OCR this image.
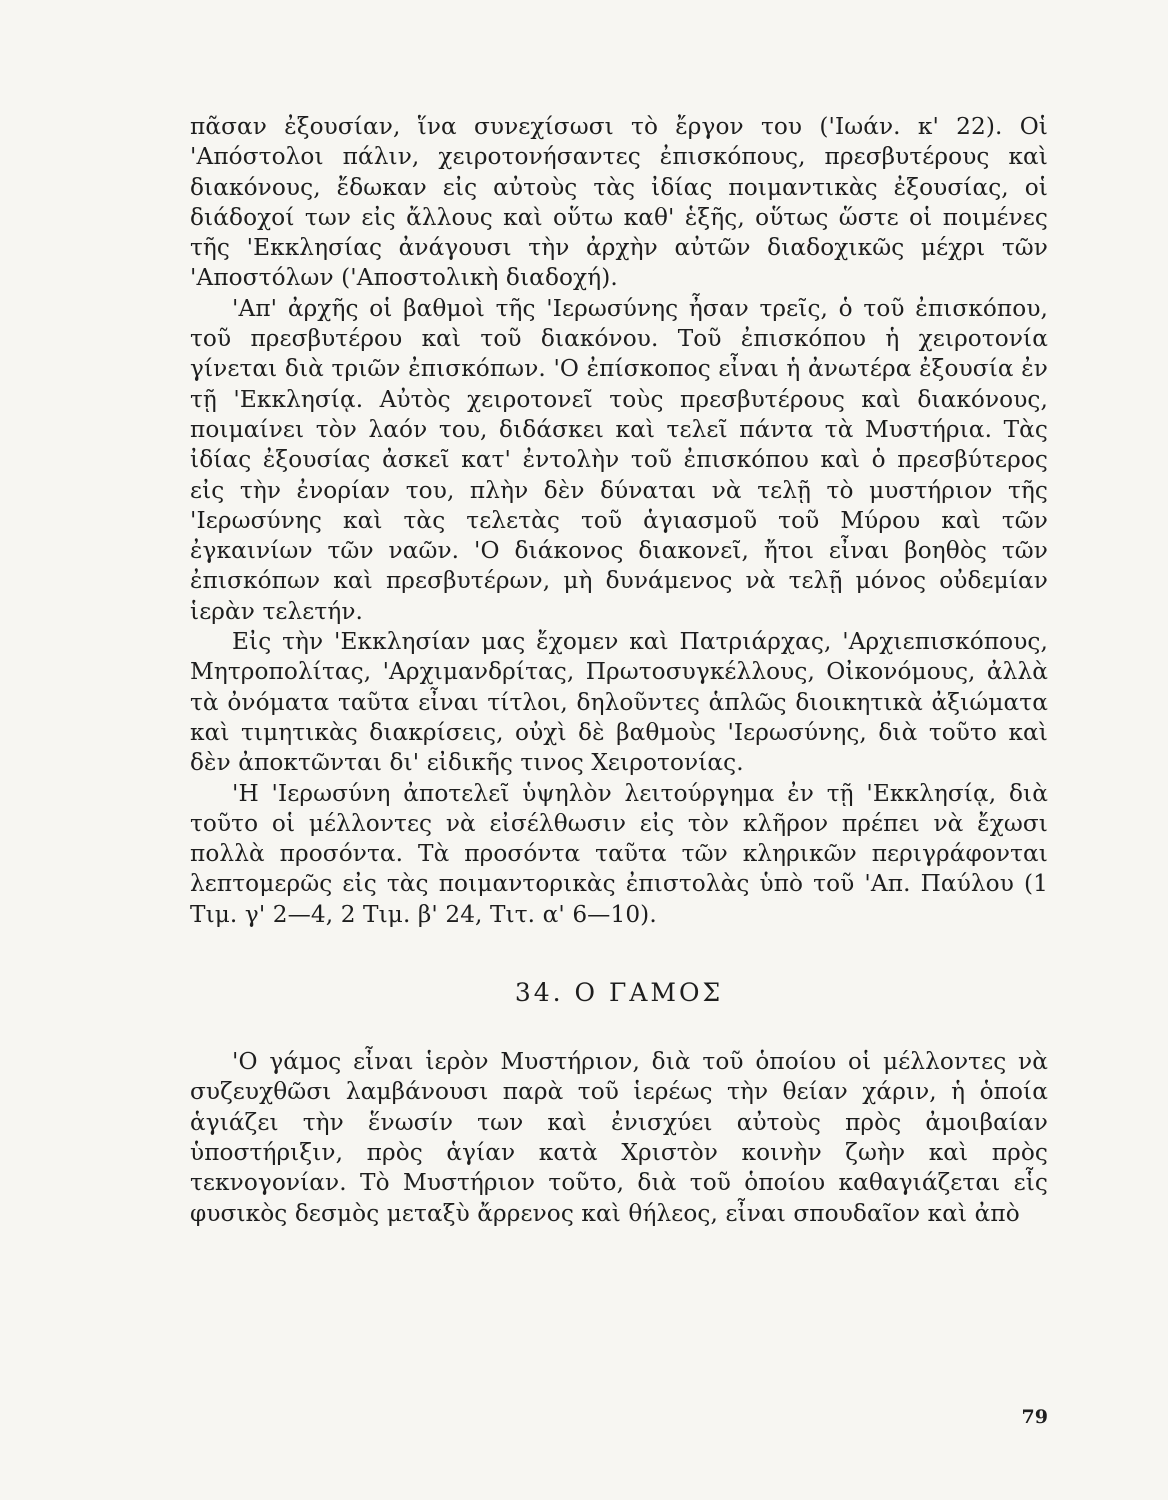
πᾶσαν ἐξουσίαν, ἵνα συνεχίσωσι τὸ ἔργον του ('Ιωάν. κ' 22). Οἱ 'Απόστολοι πάλιν, χειροτονήσαντες ἐπισκόπους, πρεσβυτέρους καὶ διακόνους, ἔδωκαν εἰς αὐτοὺς τὰς ἰδίας ποιμαντικὰς ἐξουσίας, οἱ διάδοχοί των εἰς ἄλλους καὶ οὕτω καθ' ἑξῆς, οὕτως ὥστε οἱ ποιμένες τῆς 'Εκκλησίας ἀνάγουσι τὴν ἀρχὴν αὐτῶν διαδοχικῶς μέχρι τῶν 'Αποστόλων ('Αποστολικὴ διαδοχή).

'Απ' ἀρχῆς οἱ βαθμοὶ τῆς 'Ιερωσύνης ἦσαν τρεῖς, ὁ τοῦ ἐπισκόπου, τοῦ πρεσβυτέρου καὶ τοῦ διακόνου. Τοῦ ἐπισκόπου ἡ χειροτονία γίνεται διὰ τριῶν ἐπισκόπων. 'Ο ἐπίσκοπος εἶναι ἡ ἀνωτέρα ἐξουσία ἐν τῇ 'Εκκλησίᾳ. Αὐτὸς χειροτονεῖ τοὺς πρεσβυτέρους καὶ διακόνους, ποιμαίνει τὸν λαόν του, διδάσκει καὶ τελεῖ πάντα τὰ Μυστήρια. Τὰς ἰδίας ἐξουσίας ἀσκεῖ κατ' ἐντολὴν τοῦ ἐπισκόπου καὶ ὁ πρεσβύτερος εἰς τὴν ἐνορίαν του, πλὴν δὲν δύναται νὰ τελῇ τὸ μυστήριον τῆς 'Ιερωσύνης καὶ τὰς τελετὰς τοῦ ἁγιασμοῦ τοῦ Μύρου καὶ τῶν ἐγκαινίων τῶν ναῶν. 'Ο διάκονος διακονεῖ, ἤτοι εἶναι βοηθὸς τῶν ἐπισκόπων καὶ πρεσβυτέρων, μὴ δυνάμενος νὰ τελῇ μόνος οὐδεμίαν ἱερὰν τελετήν.

Εἰς τὴν 'Εκκλησίαν μας ἔχομεν καὶ Πατριάρχας, 'Αρχιεπισκόπους, Μητροπολίτας, 'Αρχιμανδρίτας, Πρωτοσυγκέλλους, Οἰκονόμους, ἀλλὰ τὰ ὀνόματα ταῦτα εἶναι τίτλοι, δηλοῦντες ἁπλῶς διοικητικὰ ἀξιώματα καὶ τιμητικὰς διακρίσεις, οὐχὶ δὲ βαθμοὺς 'Ιερωσύνης, διὰ τοῦτο καὶ δὲν ἀποκτῶνται δι' εἰδικῆς τινος Χειροτονίας.

'Η 'Ιερωσύνη ἀποτελεῖ ὑψηλὸν λειτούργημα ἐν τῇ 'Εκκλησίᾳ, διὰ τοῦτο οἱ μέλλοντες νὰ εἰσέλθωσιν εἰς τὸν κλῆρον πρέπει νὰ ἔχωσι πολλὰ προσόντα. Τὰ προσόντα ταῦτα τῶν κληρικῶν περιγράφονται λεπτομερῶς εἰς τὰς ποιμαντορικὰς ἐπιστολὰς ὑπὸ τοῦ 'Απ. Παύλου (1 Τιμ. γ' 2—4, 2 Τιμ. β' 24, Τιτ. α' 6—10).

34. Ο ΓΑΜΟΣ

'Ο γάμος εἶναι ἱερὸν Μυστήριον, διὰ τοῦ ὁποίου οἱ μέλλοντες νὰ συζευχθῶσι λαμβάνουσι παρὰ τοῦ ἱερέως τὴν θείαν χάριν, ἡ ὁποία ἁγιάζει τὴν ἕνωσίν των καὶ ἐνισχύει αὐτοὺς πρὸς ἀμοιβαίαν ὑποστήριξιν, πρὸς ἁγίαν κατὰ Χριστὸν κοινὴν ζωὴν καὶ πρὸς τεκνογονίαν. Τὸ Μυστήριον τοῦτο, διὰ τοῦ ὁποίου καθαγιάζεται εἷς φυσικὸς δεσμὸς μεταξὺ ἄρρενος καὶ θήλεος, εἶναι σπουδαῖον καὶ ἀπὸ

79
